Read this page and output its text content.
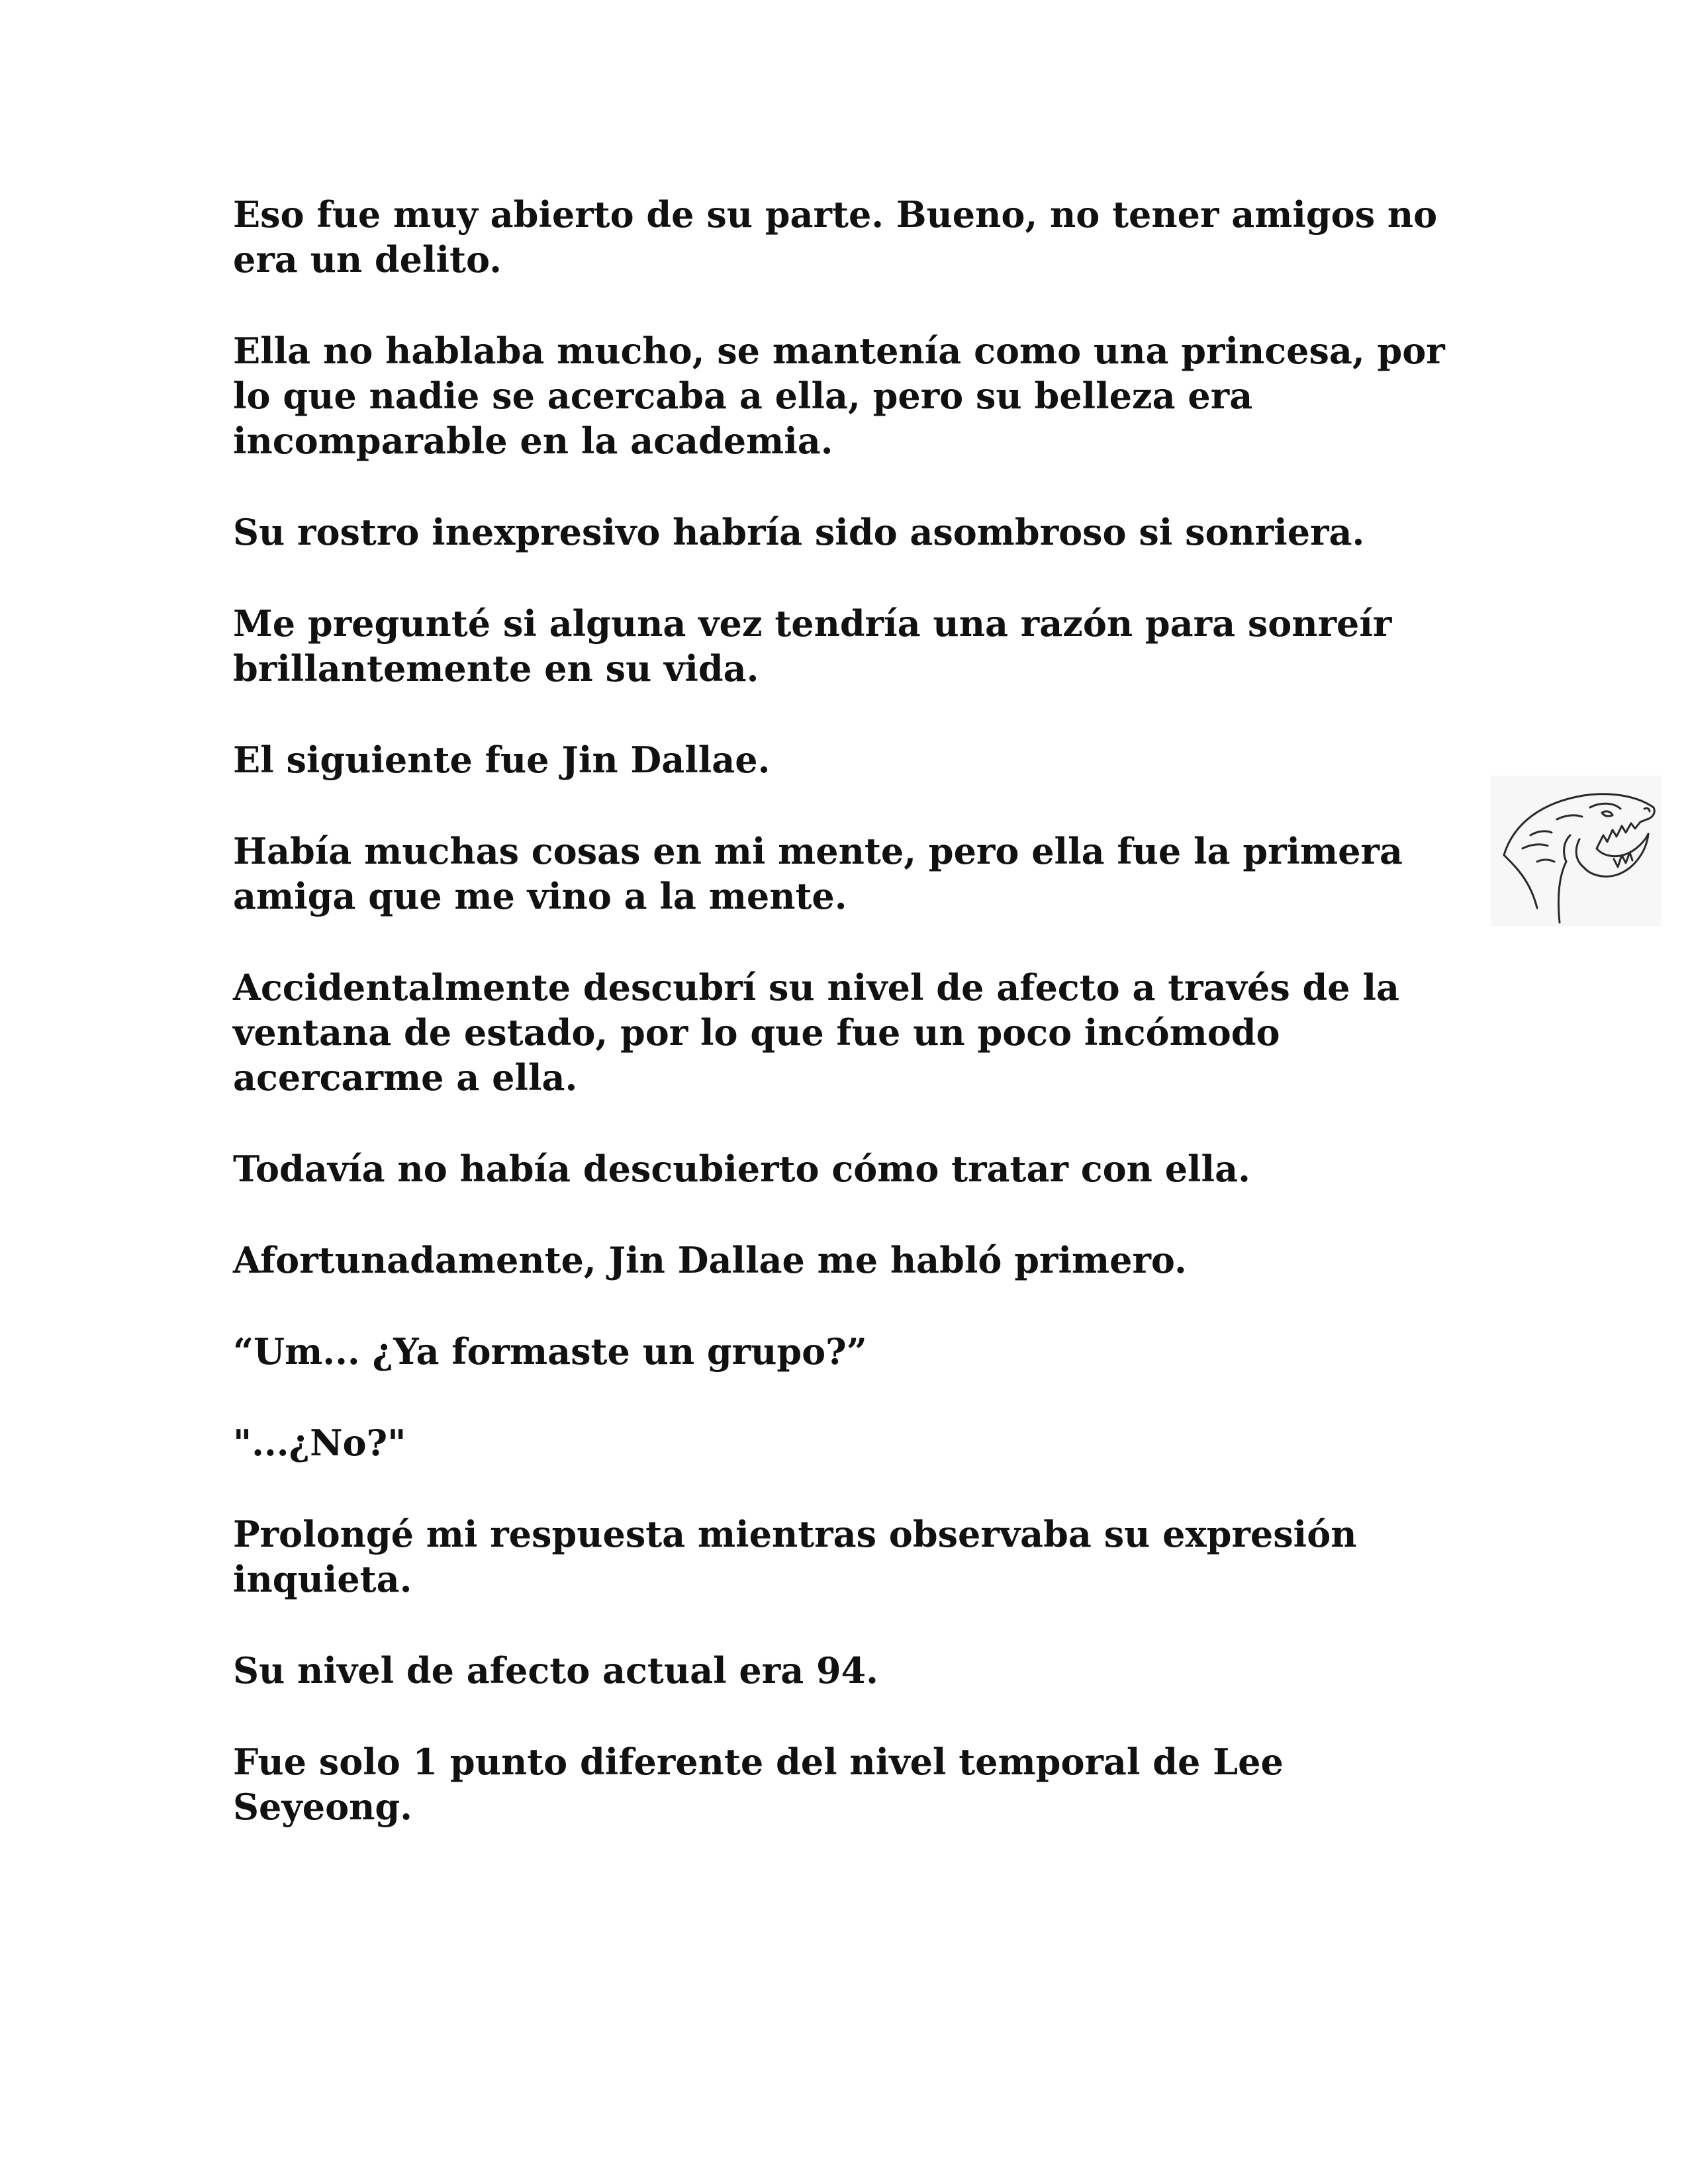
Eso fue muy abierto de su parte. Bueno, no tener amigos no era un delito.

Ella no hablaba mucho, se mantenía como una princesa, por lo que nadie se acercaba a ella, pero su belleza era incomparable en la academia.

Su rostro inexpresivo habría sido asombroso si sonriera.

Me pregunté si alguna vez tendría una razón para sonreír brillantemente en su vida.

El siguiente fue Jin Dallae.

Había muchas cosas en mi mente, pero ella fue la primera amiga que me vino a la mente.

Accidentalmente descubrí su nivel de afecto a través de la ventana de estado, por lo que fue un poco incómodo acercarme a ella.

Todavía no había descubierto cómo tratar con ella.

Afortunadamente, Jin Dallae me habló primero.

“Um... ¿Ya formaste un grupo?”

"...¿No?"

Prolongé mi respuesta mientras observaba su expresión inquieta.

Su nivel de afecto actual era 94.

Fue solo 1 punto diferente del nivel temporal de Lee Seyeong.
